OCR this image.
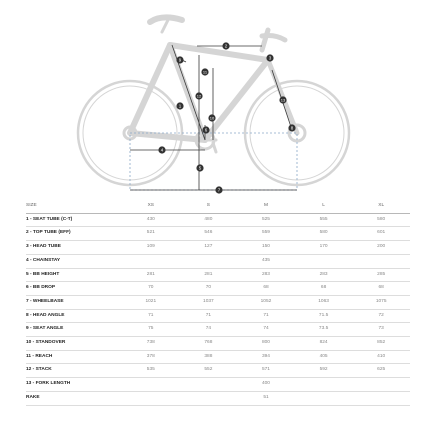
1
2
3
4
5
6
7
8
9
10
11
12
13
SIZE	XS	S	M	L	XL
1 - SEAT TUBE (C-T)	430	480	525	555	580
2 - TOP TUBE (EFF)	521	546	559	580	601
3 - HEAD TUBE	109	127	150	170	200
4 - CHAINSTAY			435		
5 - BB HEIGHT	281	281	283	283	285
6 - BB DROP	70	70	68	68	68
7 - WHEELBASE	1021	1037	1052	1063	1075
8 - HEAD ANGLE	71	71	71	71.5	72
9 - SEAT ANGLE	75	74	74	73.5	73
10 - STANDOVER	738	768	800	824	852
11 - REACH	378	388	394	405	410
12 - STACK	535	552	571	592	625
13 - FORK LENGTH			400		
RAKE			51		
